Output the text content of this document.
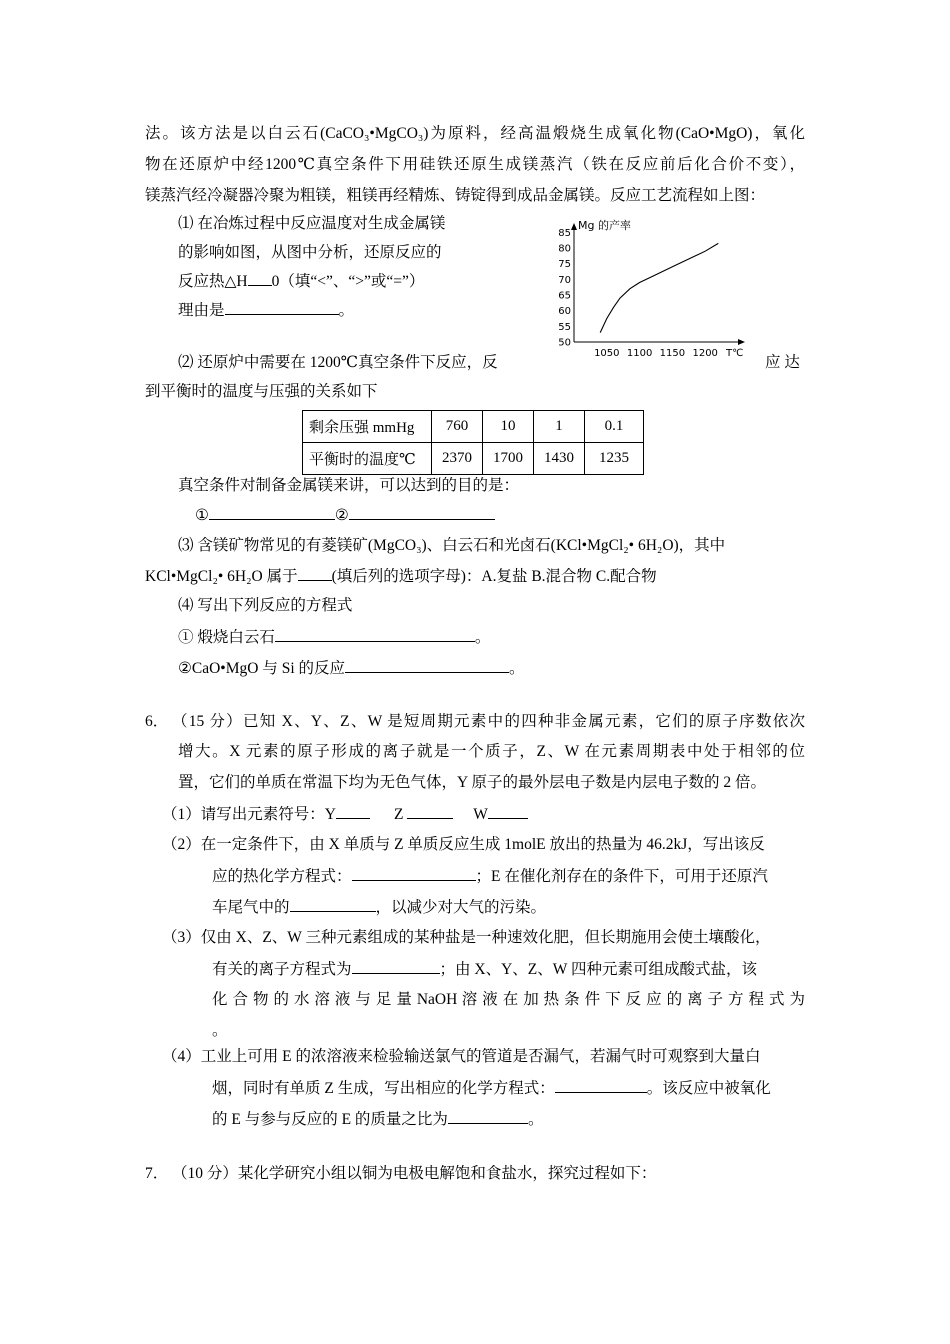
法。该方法是以白云石(CaCO₃•MgCO₃)为原料，经高温煅烧生成氧化物(CaO•MgO)，氧化
物在还原炉中经1200℃真空条件下用硅铁还原生成镁蒸汽（铁在反应前后化合价不变），
镁蒸汽经冷凝器冷聚为粗镁，粗镁再经精炼、铸锭得到成品金属镁。反应工艺流程如上图：
⑴ 在冶炼过程中反应温度对生成金属镁
的影响如图，从图中分析，还原反应的
反应热△H 0（填“<”、“>”或“=”）
理由是	。
Mg 的产率
50
55
60
65
70
75
80
85
1050 1100 1150 1200 T℃
⑵ 还原炉中需要在 1200℃真空条件下反应，反	应 达
到平衡时的温度与压强的关系如下
剩余压强 mmHg	760	10	1	0.1
平衡时的温度℃	2370	1700	1430	1235
真空条件对制备金属镁来讲，可以达到的目的是：
①	②
⑶ 含镁矿物常见的有菱镁矿(MgCO₃)、白云石和光卤石(KCl•MgCl₂• 6H₂O)，其中
KCl•MgCl₂• 6H₂O 属于 (填后列的选项字母)：A.复盐 B.混合物 C.配合物
⑷ 写出下列反应的方程式
① 煅烧白云石	。
②CaO•MgO 与 Si 的反应	。
6． （15 分）已知 X、Y、Z、W 是短周期元素中的四种非金属元素，它们的原子序数依次
增大。X 元素的原子形成的离子就是一个质子，Z、W 在元素周期表中处于相邻的位
置，它们的单质在常温下均为无色气体，Y 原子的最外层电子数是内层电子数的 2 倍。
（1）请写出元素符号：Y	Z	W
（2）在一定条件下，由 X 单质与 Z 单质反应生成 1molE 放出的热量为 46.2kJ，写出该反
应的热化学方程式：	；E 在催化剂存在的条件下，可用于还原汽
车尾气中的	，以减少对大气的污染。
（3）仅由 X、Z、W 三种元素组成的某种盐是一种速效化肥，但长期施用会使土壤酸化，
有关的离子方程式为	；由 X、Y、Z、W 四种元素可组成酸式盐，该
化 合 物 的 水 溶 液 与 足 量 NaOH 溶 液 在 加 热 条 件 下 反 应 的 离 子 方 程 式 为
。
（4）工业上可用 E 的浓溶液来检验输送氯气的管道是否漏气，若漏气时可观察到大量白
烟，同时有单质 Z 生成，写出相应的化学方程式：	。该反应中被氧化
的 E 与参与反应的 E 的质量之比为	。
7． （10 分）某化学研究小组以铜为电极电解饱和食盐水，探究过程如下：
